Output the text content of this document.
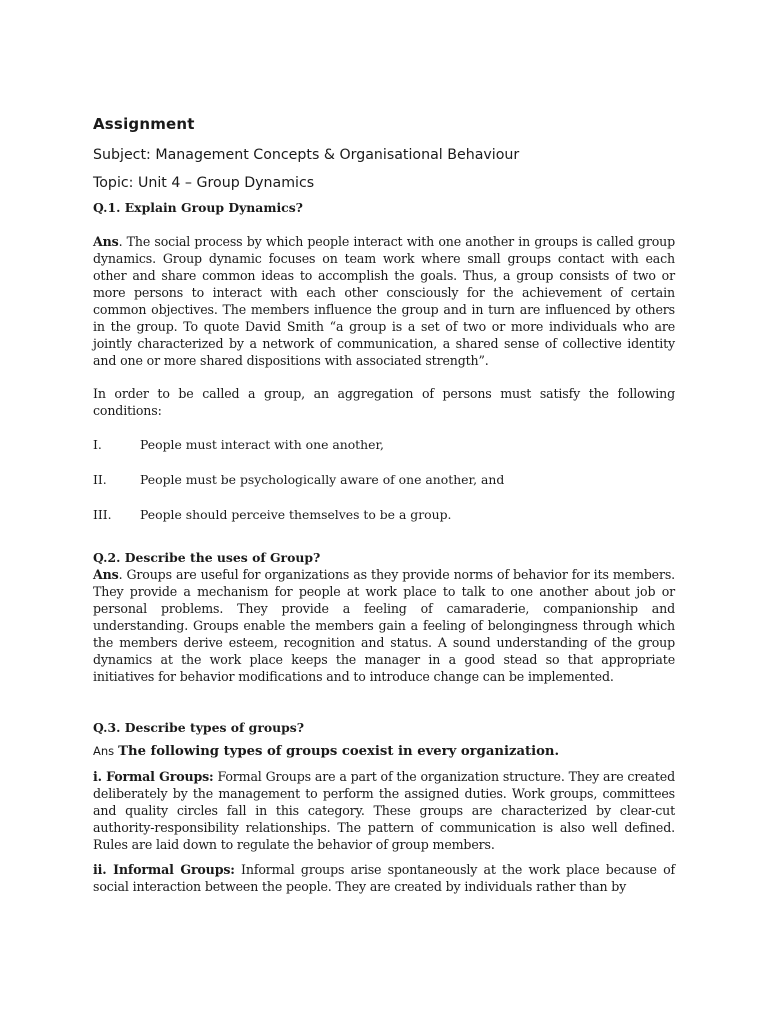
Assignment
Subject: Management Concepts & Organisational Behaviour
Topic: Unit 4 – Group Dynamics
Q.1. Explain Group Dynamics?

Ans. The social process by which people interact with one another in groups is called group dynamics. Group dynamic focuses on team work where small groups contact with each other and share common ideas to accomplish the goals. Thus, a group consists of two or more persons to interact with each other consciously for the achievement of certain common objectives. The members influence the group and in turn are influenced by others in the group. To quote David Smith “a group is a set of two or more individuals who are jointly characterized by a network of communication, a shared sense of collective identity and one or more shared dispositions with associated strength”.

In order to be called a group, an aggregation of persons must satisfy the following conditions:

I.	People must interact with one another,
II.	People must be psychologically aware of one another, and
III.	People should perceive themselves to be a group.
Q.2. Describe the uses of Group?

Ans. Groups are useful for organizations as they provide norms of behavior for its members. They provide a mechanism for people at work place to talk to one another about job or personal problems. They provide a feeling of camaraderie, companionship and understanding. Groups enable the members gain a feeling of belongingness through which the members derive esteem, recognition and status. A sound understanding of the group dynamics at the work place keeps the manager in a good stead so that appropriate initiatives for behavior modifications and to introduce change can be implemented.

Q.3. Describe types of groups?

Ans The following types of groups coexist in every organization.

i. Formal Groups: Formal Groups are a part of the organization structure. They are created deliberately by the management to perform the assigned duties. Work groups, committees and quality circles fall in this category. These groups are characterized by clear-cut authority-responsibility relationships. The pattern of communication is also well defined. Rules are laid down to regulate the behavior of group members.

ii. Informal Groups: Informal groups arise spontaneously at the work place because of social interaction between the people. They are created by individuals rather than by
